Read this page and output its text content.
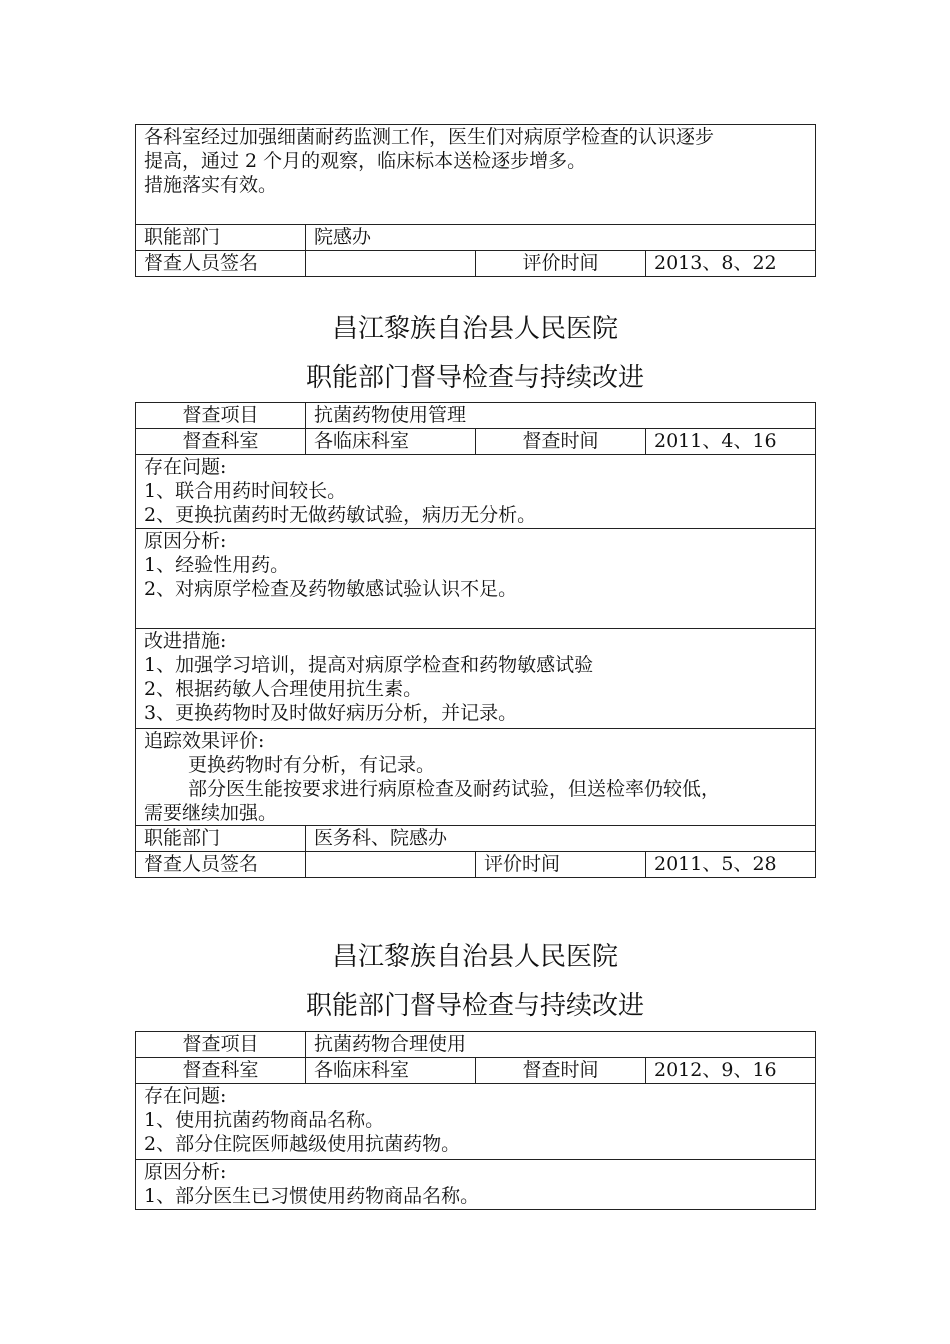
各科室经过加强细菌耐药监测工作，医生们对病原学检查的认识逐步
提高，通过 2 个月的观察，临床标本送检逐步增多。
措施落实有效。			

职能部门	院感办		
督查人员签名		评价时间	2013、8、22
昌江黎族自治县人民医院
职能部门督导检查与持续改进
督查项目	抗菌药物使用管理		
督查科室	各临床科室	督查时间	2011、4、16

存在问题:
1、联合用药时间较长。
2、更换抗菌药时无做药敏试验，病历无分析。			

原因分析:
1、经验性用药。
2、对病原学检查及药物敏感试验认识不足。			

改进措施:
1、加强学习培训，提高对病原学检查和药物敏感试验
2、根据药敏人合理使用抗生素。
3、更换药物时及时做好病历分析，并记录。			

追踪效果评价:
更换药物时有分析，有记录。
部分医生能按要求进行病原检查及耐药试验，但送检率仍较低，
需要继续加强。			

职能部门	医务科、院感办		
督查人员签名		评价时间	2011、5、28
昌江黎族自治县人民医院
职能部门督导检查与持续改进
督查项目	抗菌药物合理使用		
督查科室	各临床科室	督查时间	2012、9、16

存在问题:
1、使用抗菌药物商品名称。
2、部分住院医师越级使用抗菌药物。			

原因分析:
1、部分医生已习惯使用药物商品名称。			
